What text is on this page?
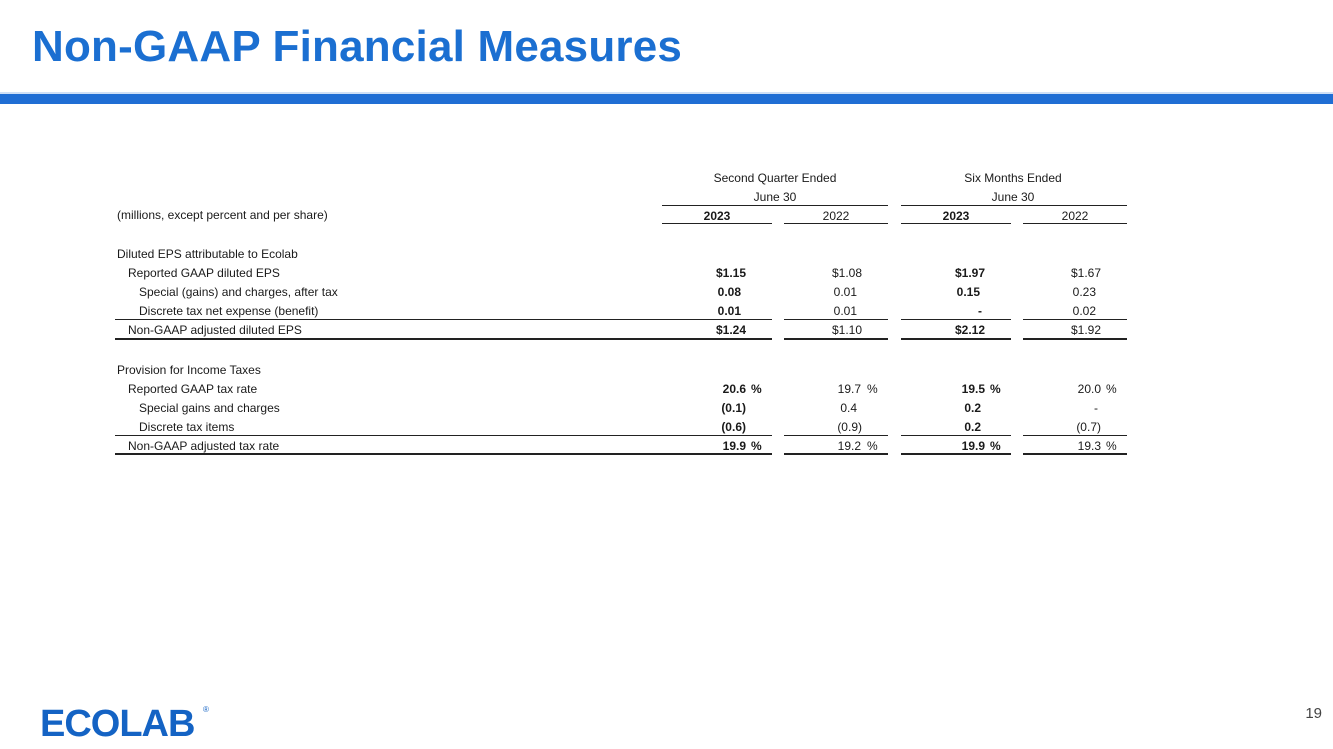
Non-GAAP Financial Measures
Second Quarter Ended
June 30
Six Months Ended
June 30
(millions, except percent and per share)	2023	2022	2023	2022
Diluted EPS attributable to Ecolab
Reported GAAP diluted EPS	$1.15	$1.08	$1.97	$1.67
Special (gains) and charges, after tax	0.08	0.01	0.15	0.23
Discrete tax net expense (benefit)	0.01	0.01	-	0.02
Non-GAAP adjusted diluted EPS	$1.24	$1.10	$2.12	$1.92
Provision for Income Taxes
Reported GAAP tax rate	20.6 %	19.7 %	19.5 %	20.0 %
Special gains and charges	(0.1)	0.4	0.2	-
Discrete tax items	(0.6)	(0.9)	0.2	(0.7)
Non-GAAP adjusted tax rate	19.9 %	19.2 %	19.9 %	19.3 %
ECOLAB ®	19
